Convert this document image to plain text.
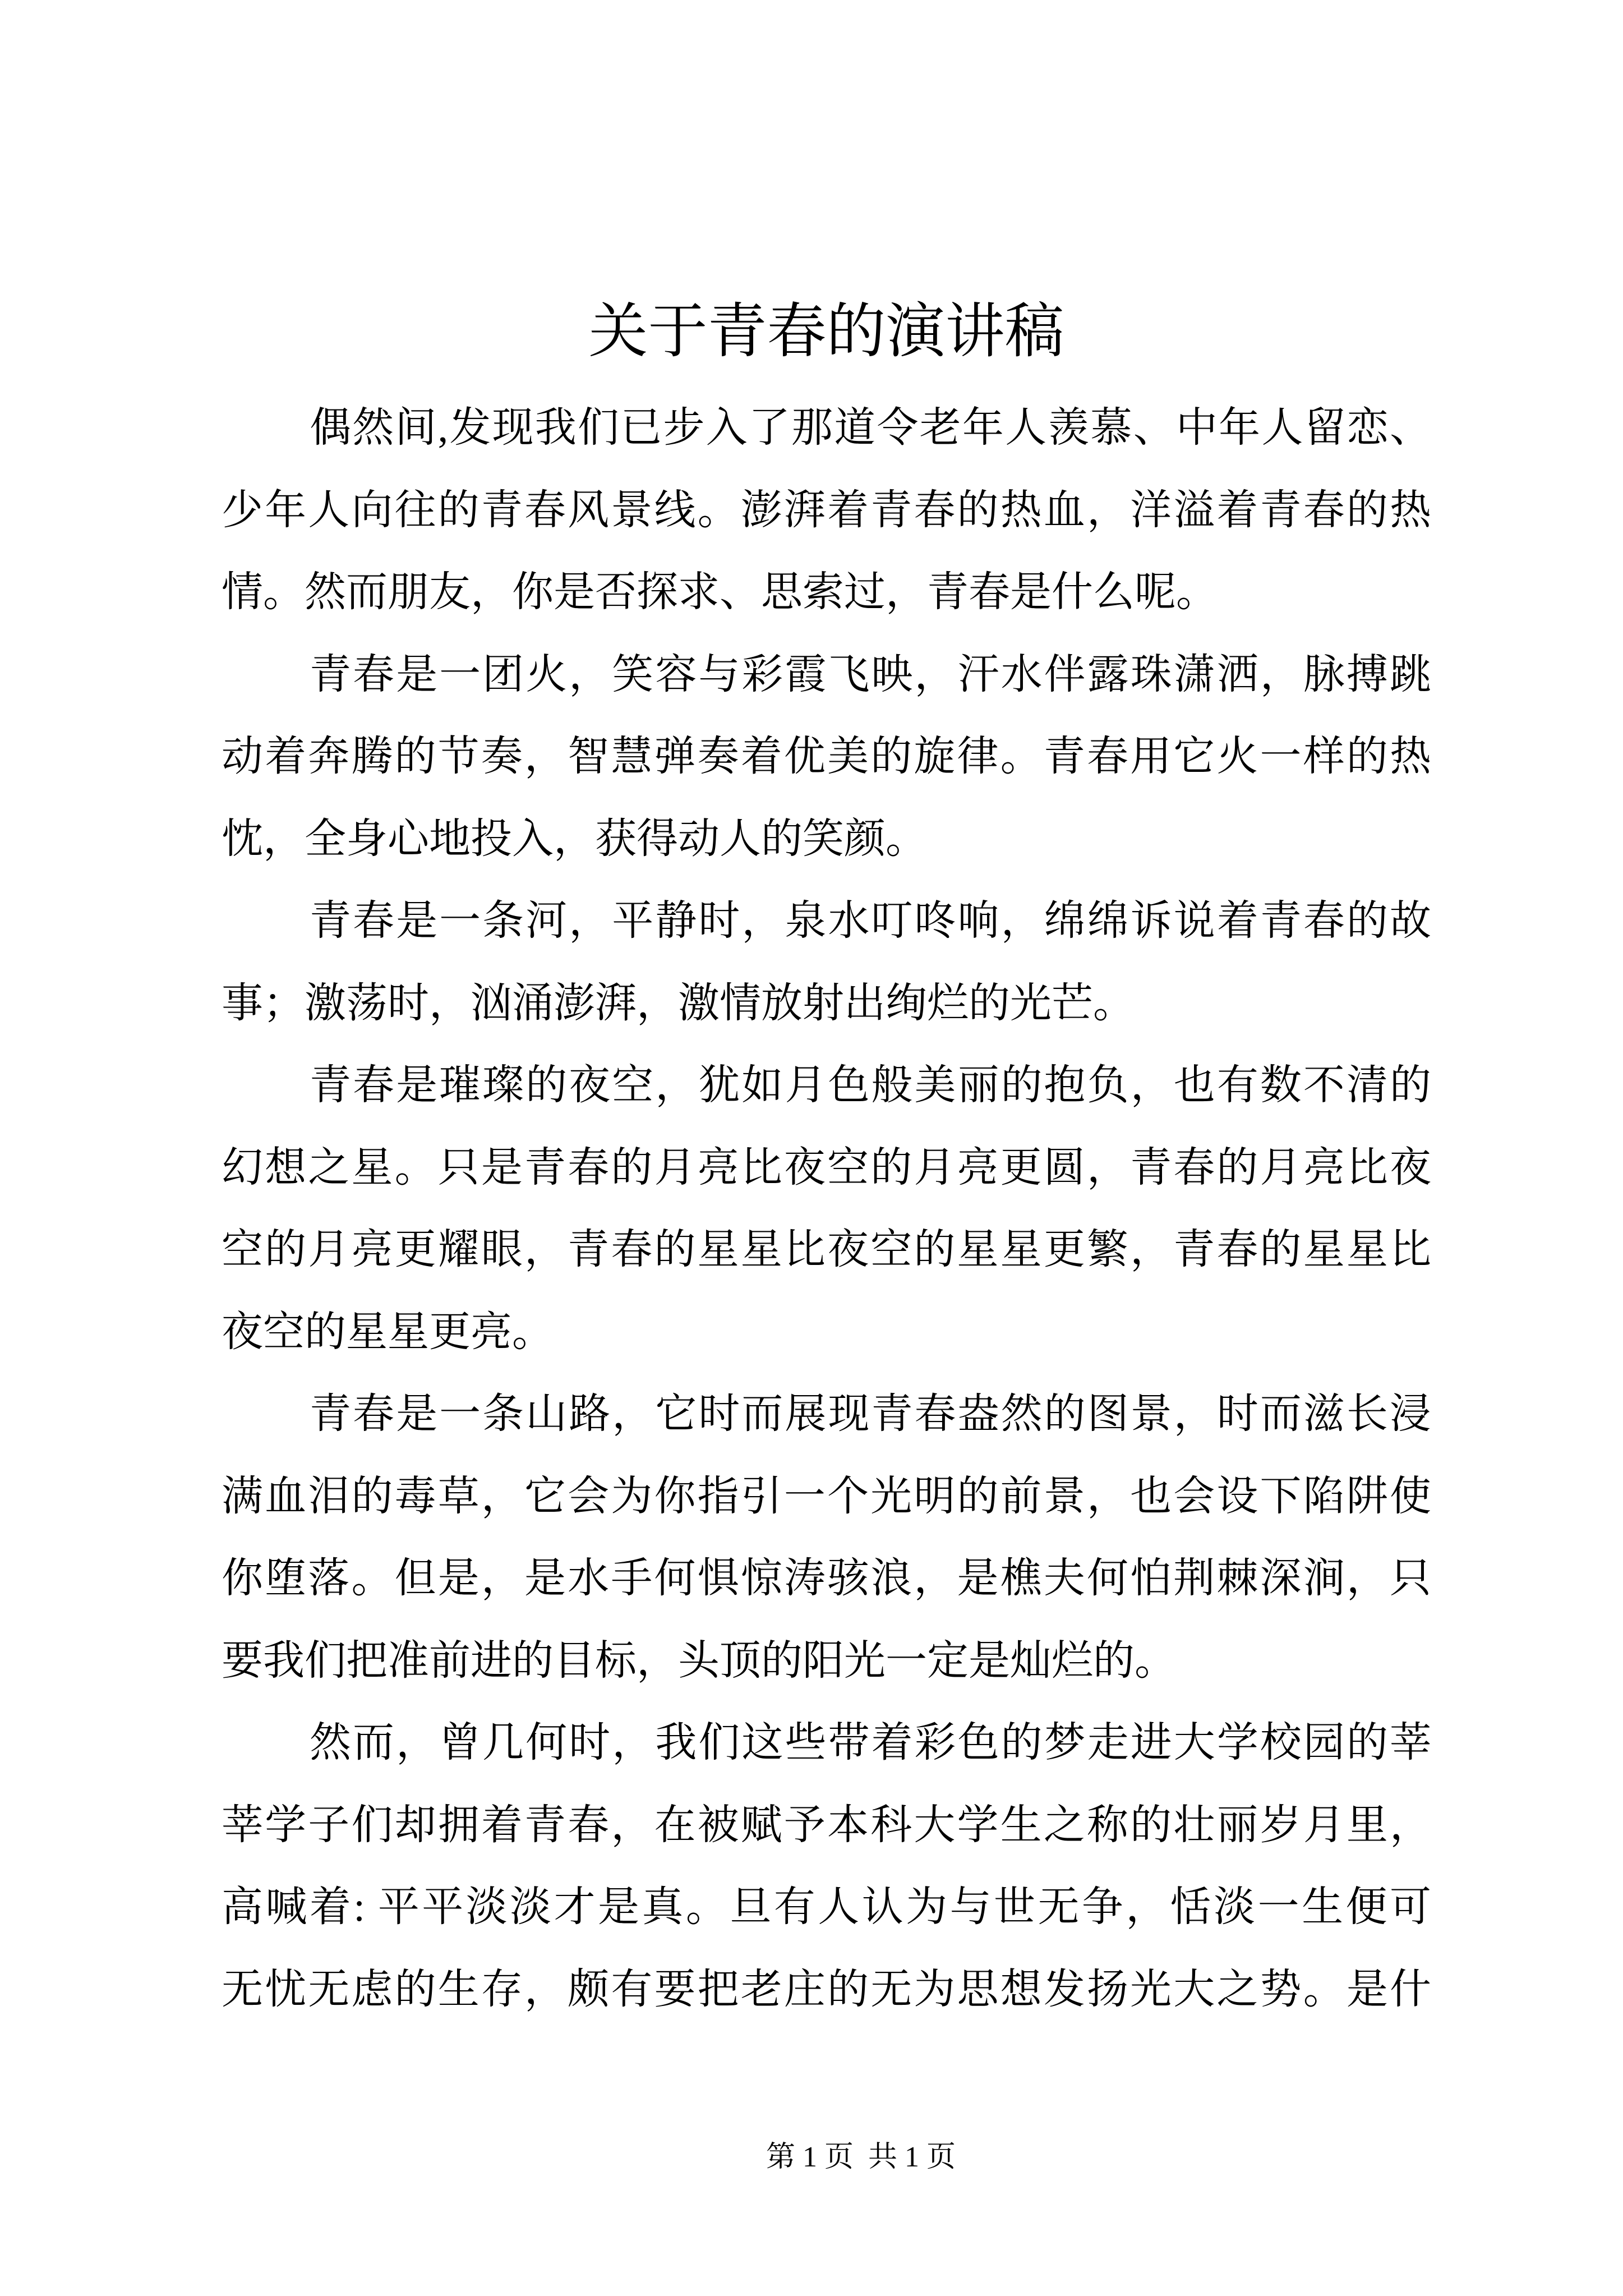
关于青春的演讲稿
偶然间,发现我们已步入了那道令老年人羡慕、中年人留恋、
少年人向往的青春风景线。澎湃着青春的热血，洋溢着青春的热
情。然而朋友，你是否探求、思索过，青春是什么呢。
青春是一团火，笑容与彩霞飞映，汗水伴露珠潇洒，脉搏跳
动着奔腾的节奏，智慧弹奏着优美的旋律。青春用它火一样的热
忱，全身心地投入，获得动人的笑颜。
青春是一条河，平静时，泉水叮咚响，绵绵诉说着青春的故
事；激荡时，汹涌澎湃，激情放射出绚烂的光芒。
青春是璀璨的夜空，犹如月色般美丽的抱负，也有数不清的
幻想之星。只是青春的月亮比夜空的月亮更圆，青春的月亮比夜
空的月亮更耀眼，青春的星星比夜空的星星更繁，青春的星星比
夜空的星星更亮。
青春是一条山路，它时而展现青春盎然的图景，时而滋长浸
满血泪的毒草，它会为你指引一个光明的前景，也会设下陷阱使
你堕落。但是，是水手何惧惊涛骇浪，是樵夫何怕荆棘深涧，只
要我们把准前进的目标，头顶的阳光一定是灿烂的。
然而，曾几何时，我们这些带着彩色的梦走进大学校园的莘
莘学子们却拥着青春，在被赋予本科大学生之称的壮丽岁月里，
高喊着: 平平淡淡才是真。旦有人认为与世无争，恬淡一生便可
无忧无虑的生存，颇有要把老庄的无为思想发扬光大之势。是什
第 1 页  共 1 页
